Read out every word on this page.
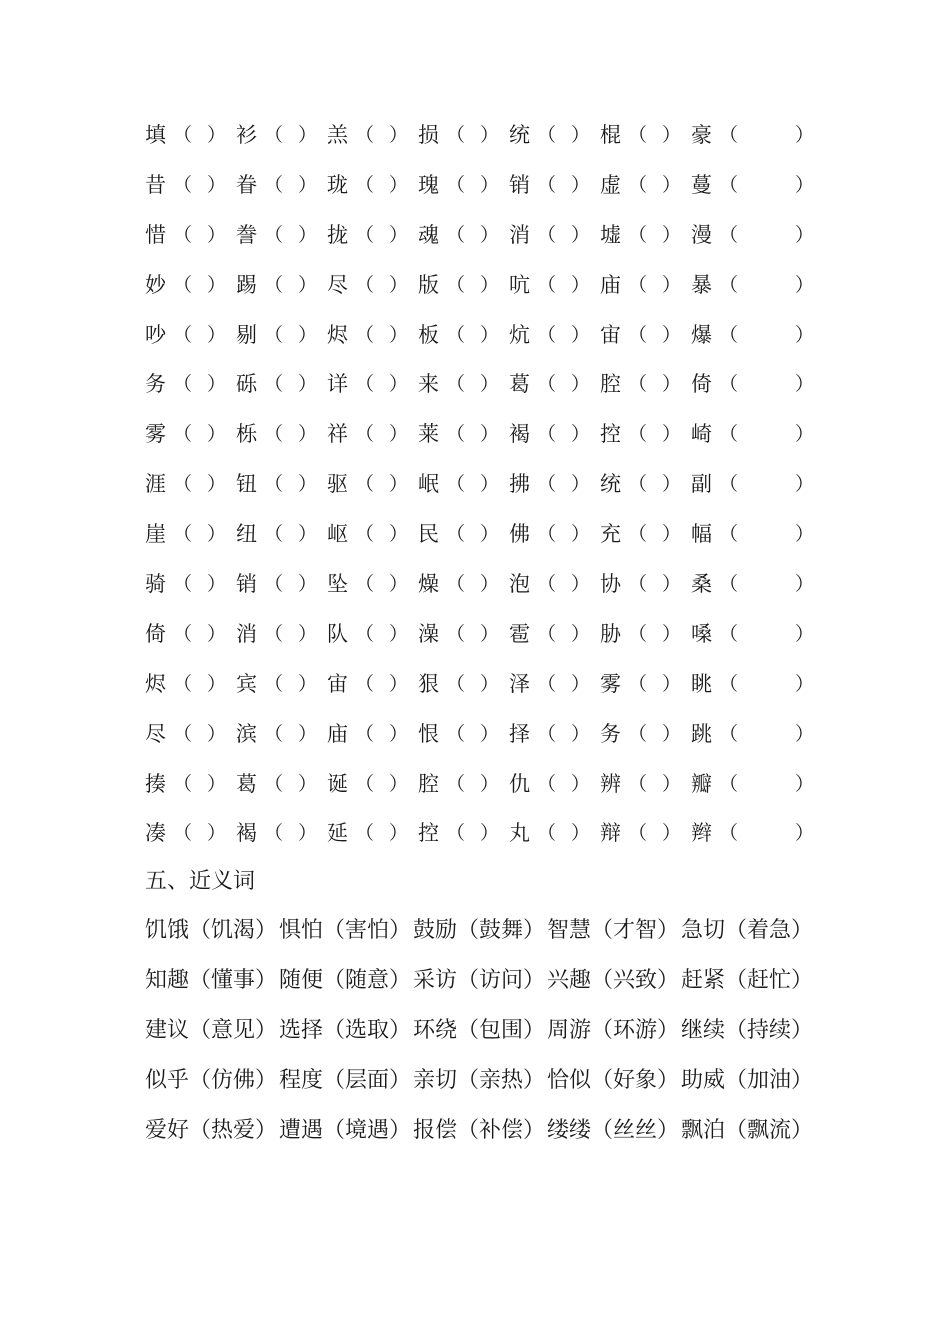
填 （ ） 衫 （ ） 羔 （ ） 损 （ ） 统 （ ） 棍 （ ） 豪 （	）
昔 （ ） 眷 （ ） 珑 （ ） 瑰 （ ） 销 （ ） 虚 （ ） 蔓 （	）
惜 （ ） 誊 （ ） 拢 （ ） 魂 （ ） 消 （ ） 墟 （ ） 漫 （	）
妙 （ ） 踢 （ ） 尽 （ ） 版 （ ） 吭 （ ） 庙 （ ） 暴 （	）
吵 （ ） 剔 （ ） 烬 （ ） 板 （ ） 炕 （ ） 宙 （ ） 爆 （	）
务 （ ） 砾 （ ） 详 （ ） 来 （ ） 葛 （ ） 腔 （ ） 倚 （	）
雾 （ ） 栎 （ ） 祥 （ ） 莱 （ ） 褐 （ ） 控 （ ） 崎 （	）
涯 （ ） 钮 （ ） 驱 （ ） 岷 （ ） 拂 （ ） 统 （ ） 副 （	）
崖 （ ） 纽 （ ） 岖 （ ） 民 （ ） 佛 （ ） 充 （ ） 幅 （	）
骑 （ ） 销 （ ） 坠 （ ） 燥 （ ） 泡 （ ） 协 （ ） 桑 （	）
倚 （ ） 消 （ ） 队 （ ） 澡 （ ） 雹 （ ） 胁 （ ） 嗓 （	）
烬 （ ） 宾 （ ） 宙 （ ） 狠 （ ） 泽 （ ） 雾 （ ） 眺 （	）
尽 （ ） 滨 （ ） 庙 （ ） 恨 （ ） 择 （ ） 务 （ ） 跳 （	）
揍 （ ） 葛 （ ） 诞 （ ） 腔 （ ） 仇 （ ） 辨 （ ） 瓣 （	）
凑 （ ） 褐 （ ） 延 （ ） 控 （ ） 丸 （ ） 辩 （ ） 辫 （	）
五、近义词
饥饿（饥渴） 惧怕（害怕） 鼓励（鼓舞） 智慧（才智） 急切（着急）
知趣（懂事） 随便（随意） 采访（访问） 兴趣（兴致） 赶紧（赶忙）
建议（意见） 选择（选取） 环绕（包围） 周游（环游） 继续（持续）
似乎（仿佛） 程度（层面） 亲切（亲热） 恰似（好象） 助威（加油）
爱好（热爱） 遭遇（境遇） 报偿（补偿） 缕缕（丝丝） 飘泊（飘流）
